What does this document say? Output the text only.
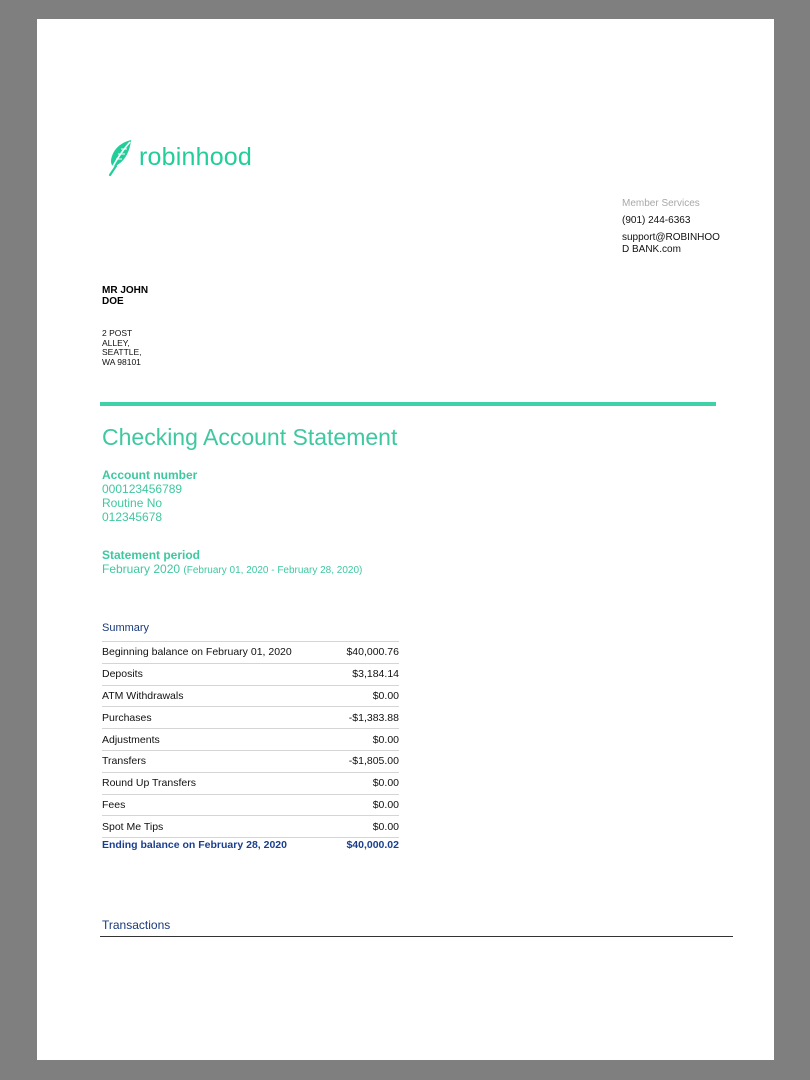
robinhood
Member Services
(901) 244-6363
support@ROBINHOOD BANK.com
MR JOHN DOE
2 POST ALLEY, SEATTLE, WA 98101
Checking Account Statement
Account number
000123456789
Routine No
012345678
Statement period
February 2020 (February 01, 2020 - February 28, 2020)
Summary
Beginning balance on February 01, 2020	$40,000.76
Deposits	$3,184.14
ATM Withdrawals	$0.00
Purchases	-$1,383.88
Adjustments	$0.00
Transfers	-$1,805.00
Round Up Transfers	$0.00
Fees	$0.00
Spot Me Tips	$0.00
Ending balance on February 28, 2020	$40,000.02
Transactions
